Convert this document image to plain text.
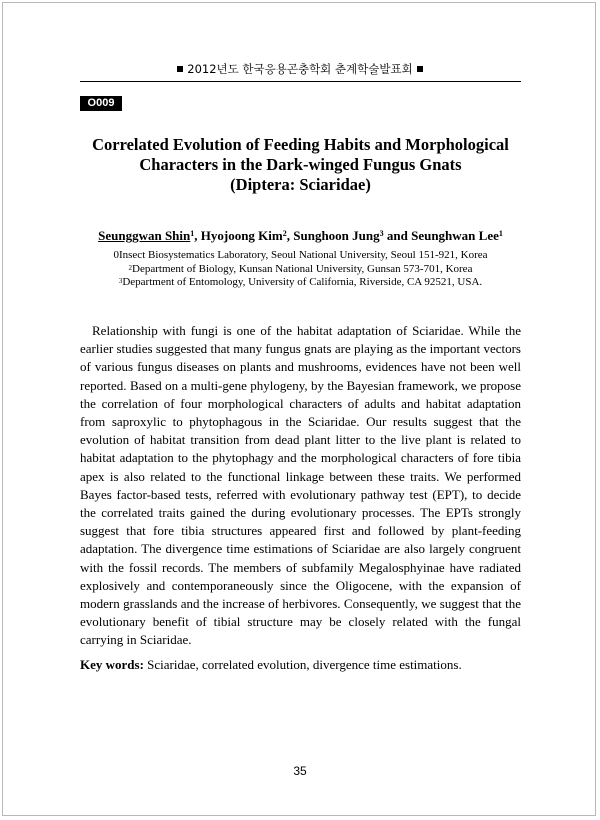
2012년도 한국응용곤충학회 춘계학술발표회
O009
Correlated Evolution of Feeding Habits and Morphological
Characters in the Dark-winged Fungus Gnats
(Diptera: Sciaridae)
Seunggwan Shin$^1$, Hyojoong Kim$^2$, Sunghoon Jung$^3$ and Seunghwan Lee$^1$
0Insect Biosystematics Laboratory, Seoul National University, Seoul 151-921, Korea
$^2$Department of Biology, Kunsan National University, Gunsan 573-701, Korea
$^3$Department of Entomology, University of California, Riverside, CA 92521, USA.

Relationship with fungi is one of the habitat adaptation of Sciaridae. While the earlier studies suggested that many fungus gnats are playing as the important vectors of various fungus diseases on plants and mushrooms, evidences have not been well reported. Based on a multi-gene phylogeny, by the Bayesian framework, we propose the correlation of four morphological characters of adults and habitat adaptation from saproxylic to phytophagous in the Sciaridae. Our results suggest that the evolution of habitat transition from dead plant litter to the live plant is related to habitat adaptation to the phytophagy and the morphological characters of fore tibia apex is also related to the functional linkage between these traits. We performed Bayes factor-based tests, referred with evolutionary pathway test (EPT), to decide the correlated traits gained the during evolutionary processes. The EPTs strongly suggest that fore tibia structures appeared first and followed by plant-feeding adaptation. The divergence time estimations of Sciaridae are also largely congruent with the fossil records. The members of subfamily Megalosphyinae have radiated explosively and contemporaneously since the Oligocene, with the expansion of modern grasslands and the increase of herbivores. Consequently, we suggest that the evolutionary benefit of tibial structure may be closely related with the fungal carrying in Sciaridae.

Key words: Sciaridae, correlated evolution, divergence time estimations.
35
